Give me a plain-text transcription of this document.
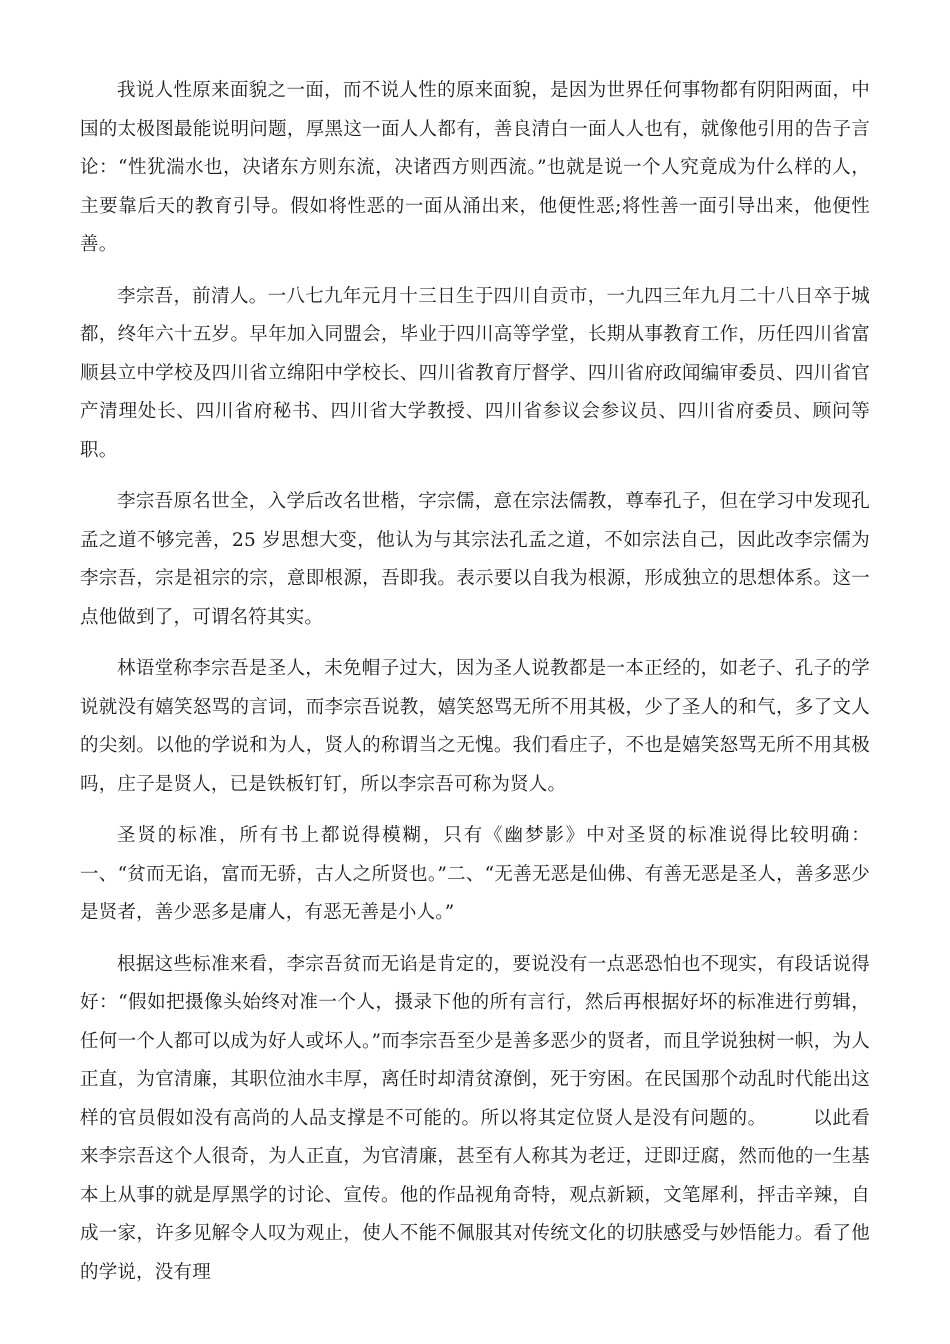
我说人性原来面貌之一面，而不说人性的原来面貌，是因为世界任何事物都有阴阳两面，中国的太极图最能说明问题，厚黑这一面人人都有，善良清白一面人人也有，就像他引用的告子言论：“性犹湍水也，决诸东方则东流，决诸西方则西流。”也就是说一个人究竟成为什么样的人，主要靠后天的教育引导。假如将性恶的一面从涌出来，他便性恶;将性善一面引导出来，他便性善。

李宗吾，前清人。一八七九年元月十三日生于四川自贡市，一九四三年九月二十八日卒于城都，终年六十五岁。早年加入同盟会，毕业于四川高等学堂，长期从事教育工作，历任四川省富顺县立中学校及四川省立绵阳中学校长、四川省教育厅督学、四川省府政闻编审委员、四川省官产清理处长、四川省府秘书、四川省大学教授、四川省参议会参议员、四川省府委员、顾问等职。

李宗吾原名世全，入学后改名世楷，字宗儒，意在宗法儒教，尊奉孔子，但在学习中发现孔孟之道不够完善，25 岁思想大变，他认为与其宗法孔孟之道，不如宗法自己，因此改李宗儒为李宗吾，宗是祖宗的宗，意即根源，吾即我。表示要以自我为根源，形成独立的思想体系。这一点他做到了，可谓名符其实。

林语堂称李宗吾是圣人，未免帽子过大，因为圣人说教都是一本正经的，如老子、孔子的学说就没有嬉笑怒骂的言词，而李宗吾说教，嬉笑怒骂无所不用其极，少了圣人的和气，多了文人的尖刻。以他的学说和为人，贤人的称谓当之无愧。我们看庄子，不也是嬉笑怒骂无所不用其极吗，庄子是贤人，已是铁板钉钉，所以李宗吾可称为贤人。

圣贤的标准，所有书上都说得模糊，只有《幽梦影》中对圣贤的标准说得比较明确：一、“贫而无谄，富而无骄，古人之所贤也。”二、“无善无恶是仙佛、有善无恶是圣人，善多恶少是贤者，善少恶多是庸人，有恶无善是小人。”

根据这些标准来看，李宗吾贫而无谄是肯定的，要说没有一点恶恐怕也不现实，有段话说得好：“假如把摄像头始终对准一个人，摄录下他的所有言行，然后再根据好坏的标准进行剪辑，任何一个人都可以成为好人或坏人。”而李宗吾至少是善多恶少的贤者，而且学说独树一帜，为人正直，为官清廉，其职位油水丰厚，离任时却清贫潦倒，死于穷困。在民国那个动乱时代能出这样的官员假如没有高尚的人品支撑是不可能的。所以将其定位贤人是没有问题的。 以此看来李宗吾这个人很奇，为人正直，为官清廉，甚至有人称其为老迂，迂即迂腐，然而他的一生基本上从事的就是厚黑学的讨论、宣传。他的作品视角奇特，观点新颖，文笔犀利，抨击辛辣，自成一家，许多见解令人叹为观止，使人不能不佩服其对传统文化的切肤感受与妙悟能力。看了他的学说，没有理
